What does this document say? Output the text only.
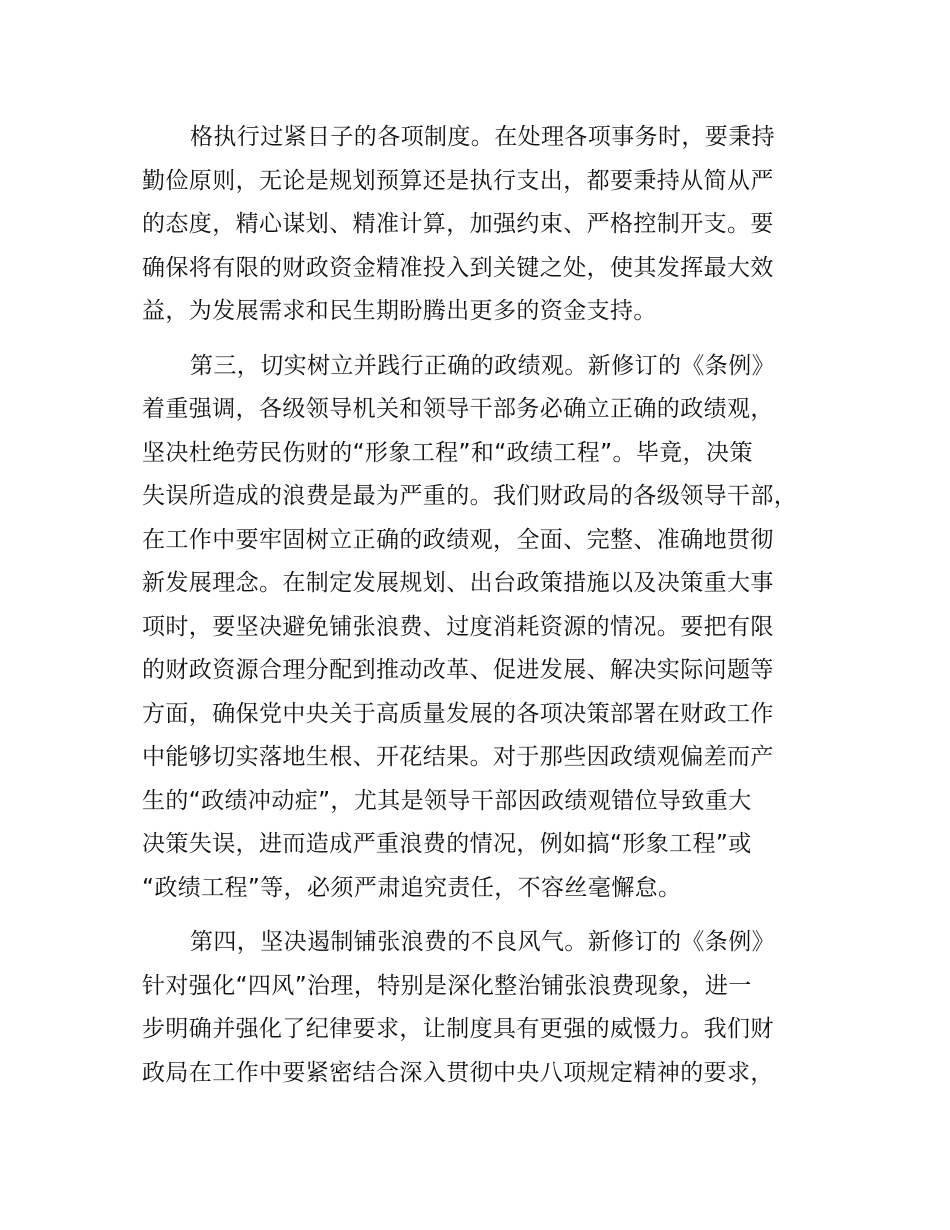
格执行过紧日子的各项制度。在处理各项事务时，要秉持
勤俭原则，无论是规划预算还是执行支出，都要秉持从简从严
的态度，精心谋划、精准计算，加强约束、严格控制开支。要
确保将有限的财政资金精准投入到关键之处，使其发挥最大效
益，为发展需求和民生期盼腾出更多的资金支持。
第三，切实树立并践行正确的政绩观。新修订的《条例》
着重强调，各级领导机关和领导干部务必确立正确的政绩观，
坚决杜绝劳民伤财的“形象工程”和“政绩工程”。毕竟，决策
失误所造成的浪费是最为严重的。我们财政局的各级领导干部，
在工作中要牢固树立正确的政绩观，全面、完整、准确地贯彻
新发展理念。在制定发展规划、出台政策措施以及决策重大事
项时，要坚决避免铺张浪费、过度消耗资源的情况。要把有限
的财政资源合理分配到推动改革、促进发展、解决实际问题等
方面，确保党中央关于高质量发展的各项决策部署在财政工作
中能够切实落地生根、开花结果。对于那些因政绩观偏差而产
生的“政绩冲动症”，尤其是领导干部因政绩观错位导致重大
决策失误，进而造成严重浪费的情况，例如搞“形象工程”或
“政绩工程”等，必须严肃追究责任，不容丝毫懈怠。
第四，坚决遏制铺张浪费的不良风气。新修订的《条例》
针对强化“四风”治理，特别是深化整治铺张浪费现象，进一
步明确并强化了纪律要求，让制度具有更强的威慑力。我们财
政局在工作中要紧密结合深入贯彻中央八项规定精神的要求，
